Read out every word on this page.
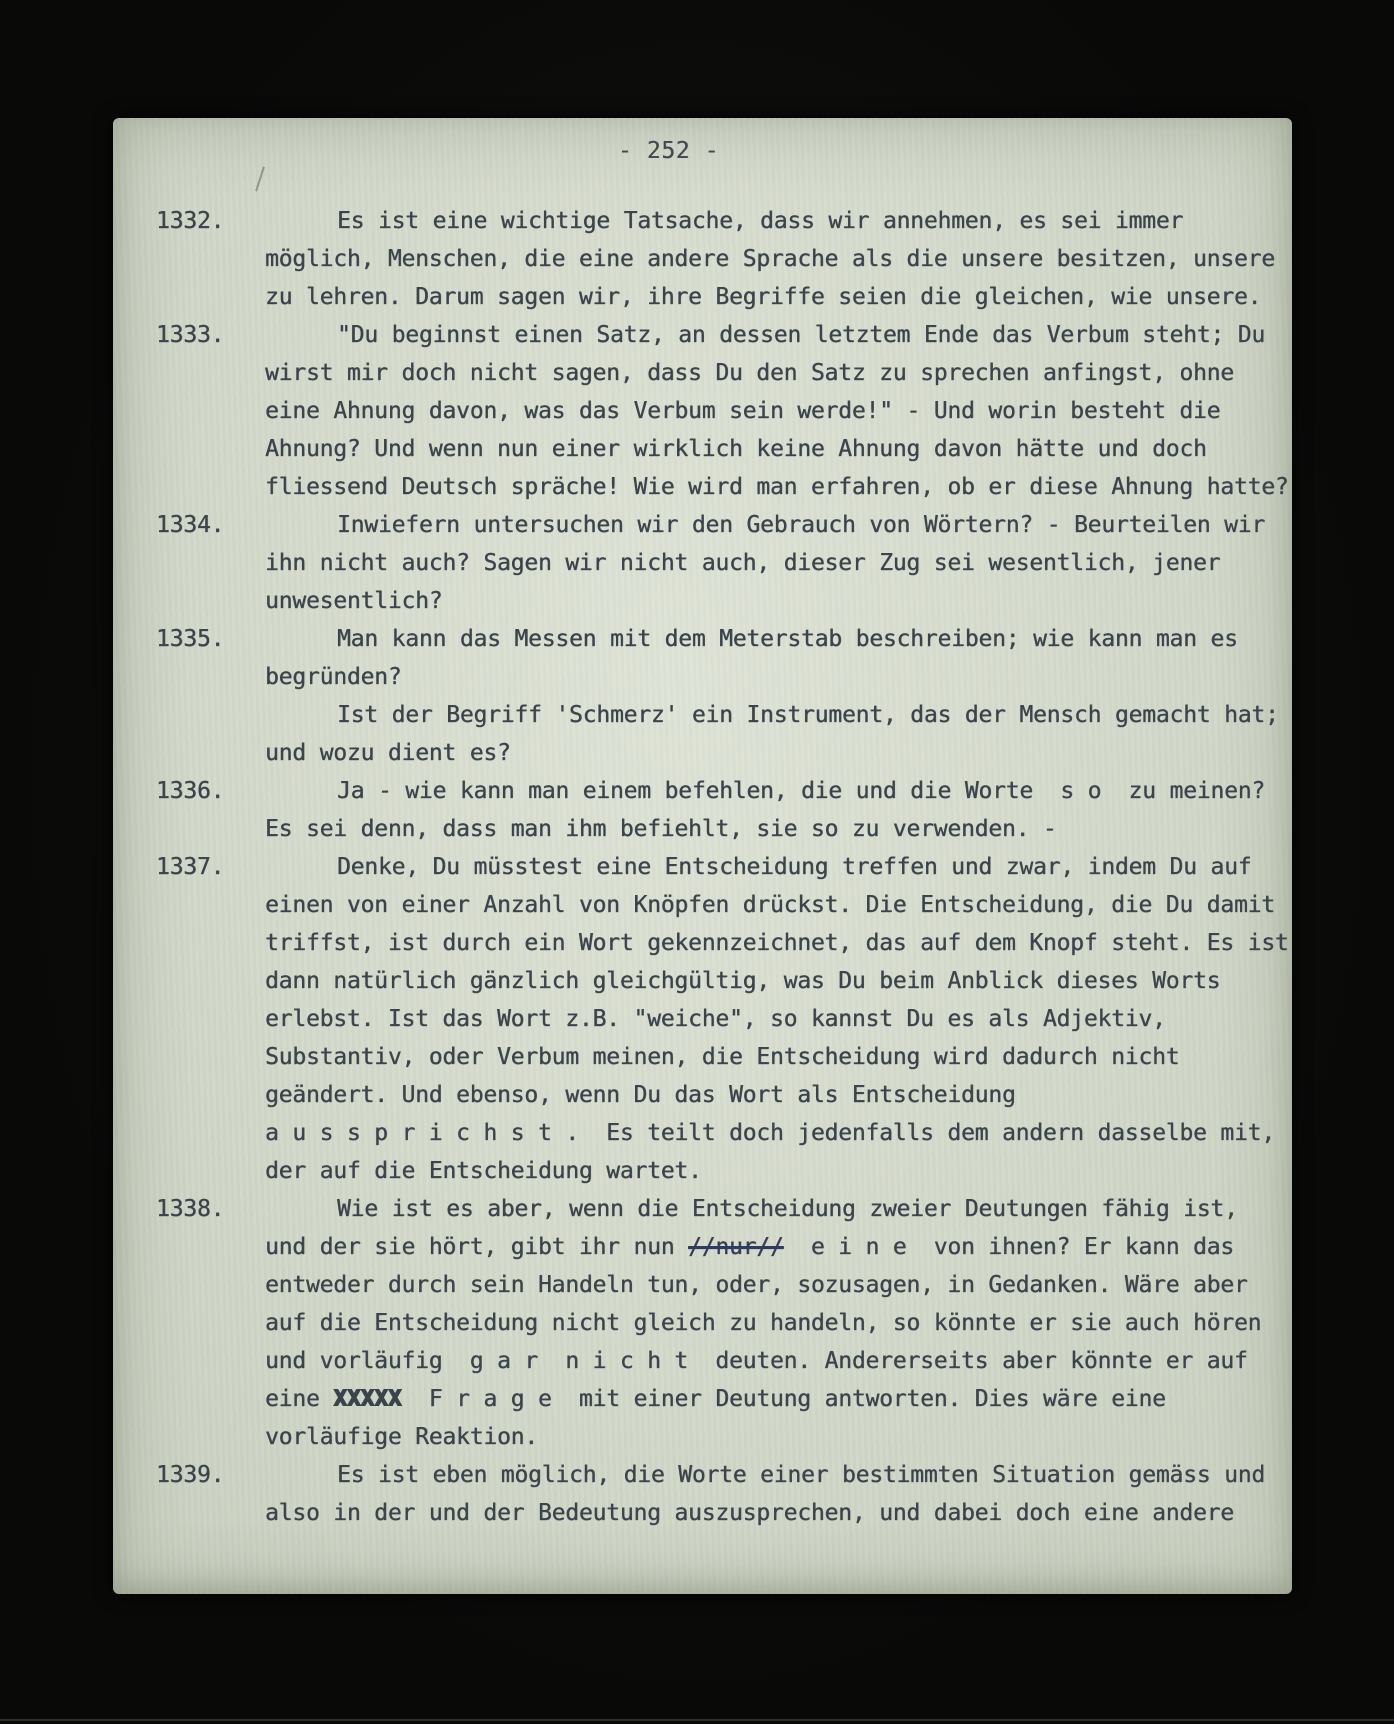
- 252 -
1332.	Es ist eine wichtige Tatsache, dass wir annehmen, es sei immer
möglich, Menschen, die eine andere Sprache als die unsere besitzen, unsere
zu lehren. Darum sagen wir, ihre Begriffe seien die gleichen, wie unsere.
1333.	"Du beginnst einen Satz, an dessen letztem Ende das Verbum steht; Du
wirst mir doch nicht sagen, dass Du den Satz zu sprechen anfingst, ohne
eine Ahnung davon, was das Verbum sein werde!" - Und worin besteht die
Ahnung? Und wenn nun einer wirklich keine Ahnung davon hätte und doch
fliessend Deutsch spräche! Wie wird man erfahren, ob er diese Ahnung hatte?
1334.	Inwiefern untersuchen wir den Gebrauch von Wörtern? - Beurteilen wir
ihn nicht auch? Sagen wir nicht auch, dieser Zug sei wesentlich, jener
unwesentlich?
1335.	Man kann das Messen mit dem Meterstab beschreiben; wie kann man es
begründen?
Ist der Begriff 'Schmerz' ein Instrument, das der Mensch gemacht hat;
und wozu dient es?
1336.	Ja - wie kann man einem befehlen, die und die Worte  s o  zu meinen?
Es sei denn, dass man ihm befiehlt, sie so zu verwenden. -
1337.	Denke, Du müsstest eine Entscheidung treffen und zwar, indem Du auf
einen von einer Anzahl von Knöpfen drückst. Die Entscheidung, die Du damit
triffst, ist durch ein Wort gekennzeichnet, das auf dem Knopf steht. Es ist
dann natürlich gänzlich gleichgültig, was Du beim Anblick dieses Worts
erlebst. Ist das Wort z.B. "weiche", so kannst Du es als Adjektiv,
Substantiv, oder Verbum meinen, die Entscheidung wird dadurch nicht
geändert. Und ebenso, wenn Du das Wort als Entscheidung
a u s s p r i c h s t .  Es teilt doch jedenfalls dem andern dasselbe mit,
der auf die Entscheidung wartet.
1338.	Wie ist es aber, wenn die Entscheidung zweier Deutungen fähig ist,
und der sie hört, gibt ihr nun //nur//  e i n e  von ihnen? Er kann das
entweder durch sein Handeln tun, oder, sozusagen, in Gedanken. Wäre aber
auf die Entscheidung nicht gleich zu handeln, so könnte er sie auch hören
und vorläufig  g a r  n i c h t  deuten. Andererseits aber könnte er auf
eine XXXXX  F r a g e  mit einer Deutung antworten. Dies wäre eine
vorläufige Reaktion.
1339.	Es ist eben möglich, die Worte einer bestimmten Situation gemäss und
also in der und der Bedeutung auszusprechen, und dabei doch eine andere
